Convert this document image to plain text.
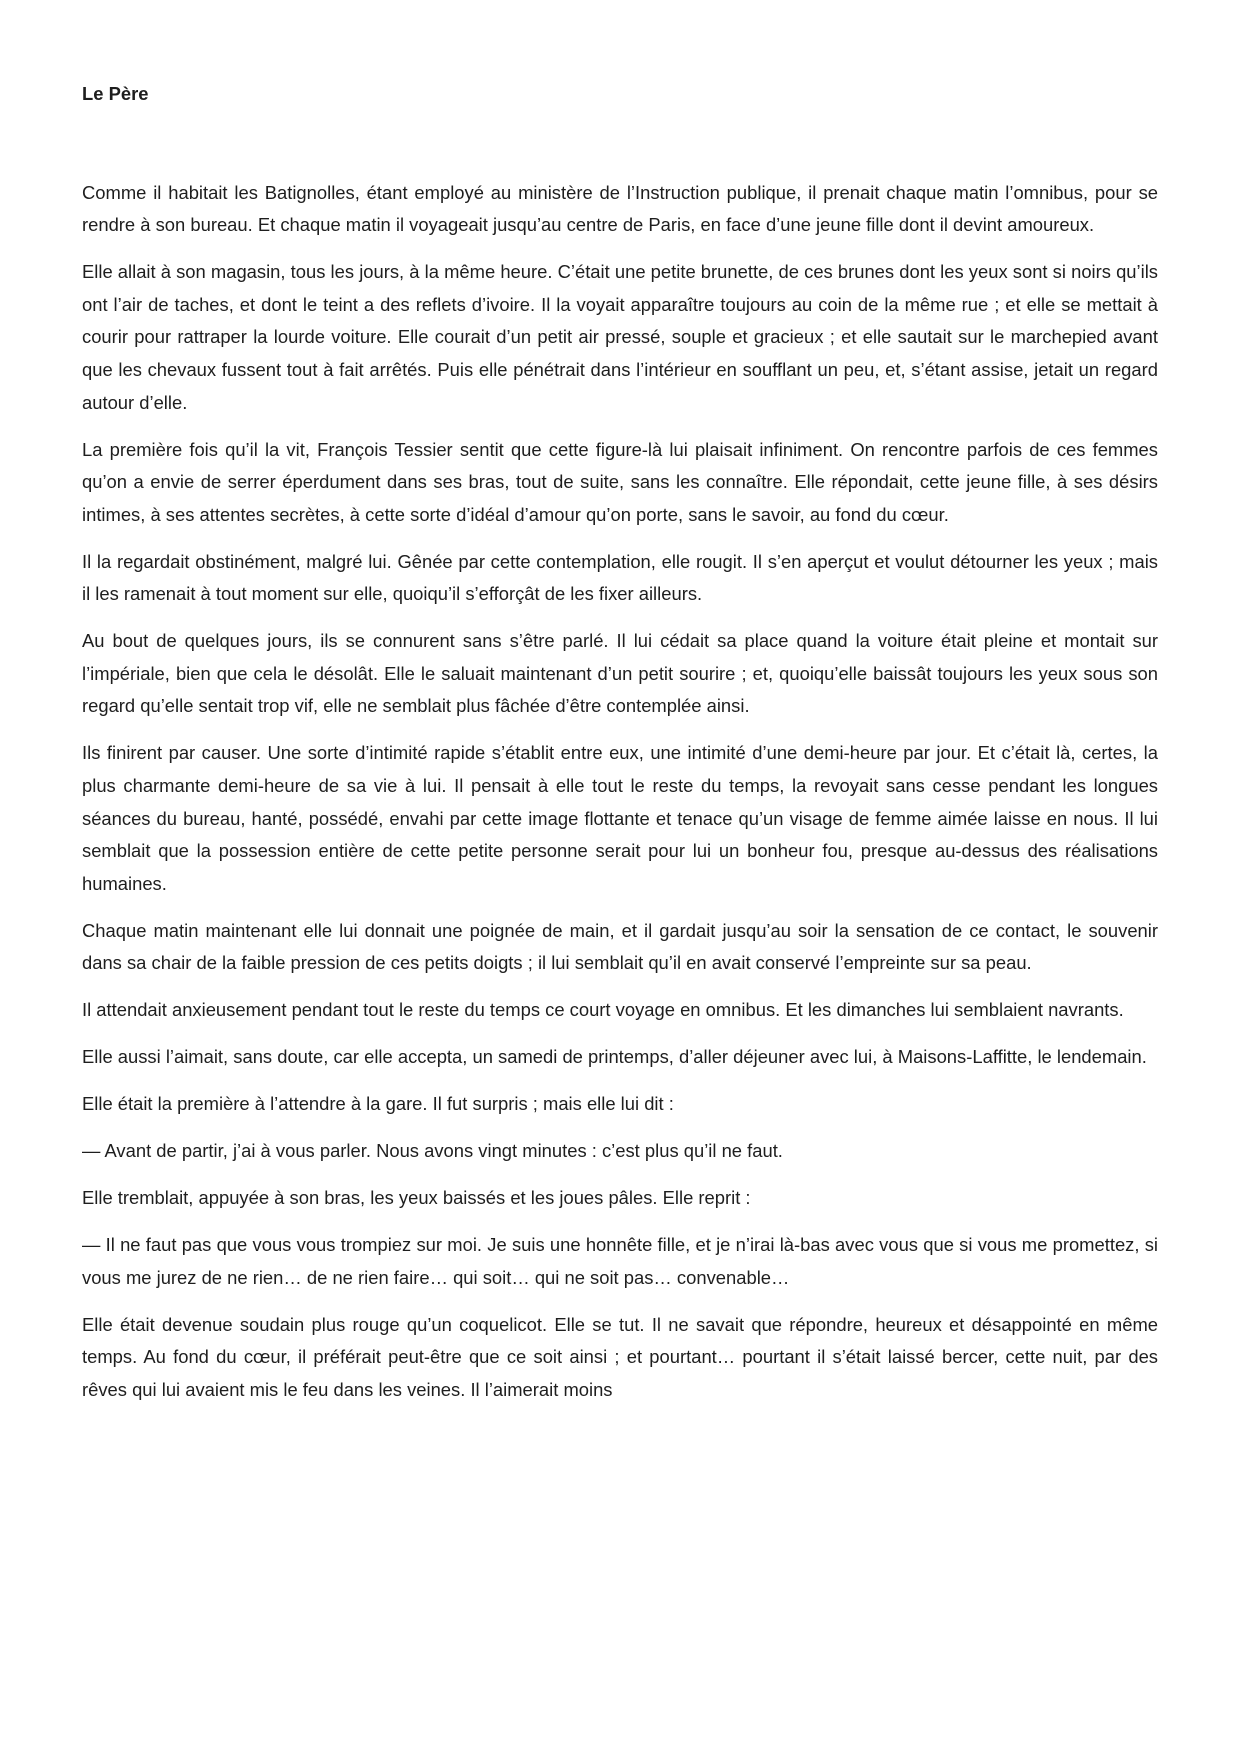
Le Père

Comme il habitait les Batignolles, étant employé au ministère de l’Instruction publique, il prenait chaque matin l’omnibus, pour se rendre à son bureau. Et chaque matin il voyageait jusqu’au centre de Paris, en face d’une jeune fille dont il devint amoureux.

Elle allait à son magasin, tous les jours, à la même heure. C’était une petite brunette, de ces brunes dont les yeux sont si noirs qu’ils ont l’air de taches, et dont le teint a des reflets d’ivoire. Il la voyait apparaître toujours au coin de la même rue ; et elle se mettait à courir pour rattraper la lourde voiture. Elle courait d’un petit air pressé, souple et gracieux ; et elle sautait sur le marchepied avant que les chevaux fussent tout à fait arrêtés. Puis elle pénétrait dans l’intérieur en soufflant un peu, et, s’étant assise, jetait un regard autour d’elle.

La première fois qu’il la vit, François Tessier sentit que cette figure-là lui plaisait infiniment. On rencontre parfois de ces femmes qu’on a envie de serrer éperdument dans ses bras, tout de suite, sans les connaître. Elle répondait, cette jeune fille, à ses désirs intimes, à ses attentes secrètes, à cette sorte d’idéal d’amour qu’on porte, sans le savoir, au fond du cœur.

Il la regardait obstinément, malgré lui. Gênée par cette contemplation, elle rougit. Il s’en aperçut et voulut détourner les yeux ; mais il les ramenait à tout moment sur elle, quoiqu’il s’efforçât de les fixer ailleurs.

Au bout de quelques jours, ils se connurent sans s’être parlé. Il lui cédait sa place quand la voiture était pleine et montait sur l’impériale, bien que cela le désolât. Elle le saluait maintenant d’un petit sourire ; et, quoiqu’elle baissât toujours les yeux sous son regard qu’elle sentait trop vif, elle ne semblait plus fâchée d’être contemplée ainsi.

Ils finirent par causer. Une sorte d’intimité rapide s’établit entre eux, une intimité d’une demi-heure par jour. Et c’était là, certes, la plus charmante demi-heure de sa vie à lui. Il pensait à elle tout le reste du temps, la revoyait sans cesse pendant les longues séances du bureau, hanté, possédé, envahi par cette image flottante et tenace qu’un visage de femme aimée laisse en nous. Il lui semblait que la possession entière de cette petite personne serait pour lui un bonheur fou, presque au-dessus des réalisations humaines.

Chaque matin maintenant elle lui donnait une poignée de main, et il gardait jusqu’au soir la sensation de ce contact, le souvenir dans sa chair de la faible pression de ces petits doigts ; il lui semblait qu’il en avait conservé l’empreinte sur sa peau.

Il attendait anxieusement pendant tout le reste du temps ce court voyage en omnibus. Et les dimanches lui semblaient navrants.

Elle aussi l’aimait, sans doute, car elle accepta, un samedi de printemps, d’aller déjeuner avec lui, à Maisons-Laffitte, le lendemain.

Elle était la première à l’attendre à la gare. Il fut surpris ; mais elle lui dit :

— Avant de partir, j’ai à vous parler. Nous avons vingt minutes : c’est plus qu’il ne faut.

Elle tremblait, appuyée à son bras, les yeux baissés et les joues pâles. Elle reprit :

— Il ne faut pas que vous vous trompiez sur moi. Je suis une honnête fille, et je n’irai là-bas avec vous que si vous me promettez, si vous me jurez de ne rien… de ne rien faire… qui soit… qui ne soit pas… convenable…

Elle était devenue soudain plus rouge qu’un coquelicot. Elle se tut. Il ne savait que répondre, heureux et désappointé en même temps. Au fond du cœur, il préférait peut-être que ce soit ainsi ; et pourtant… pourtant il s’était laissé bercer, cette nuit, par des rêves qui lui avaient mis le feu dans les veines. Il l’aimerait moins
